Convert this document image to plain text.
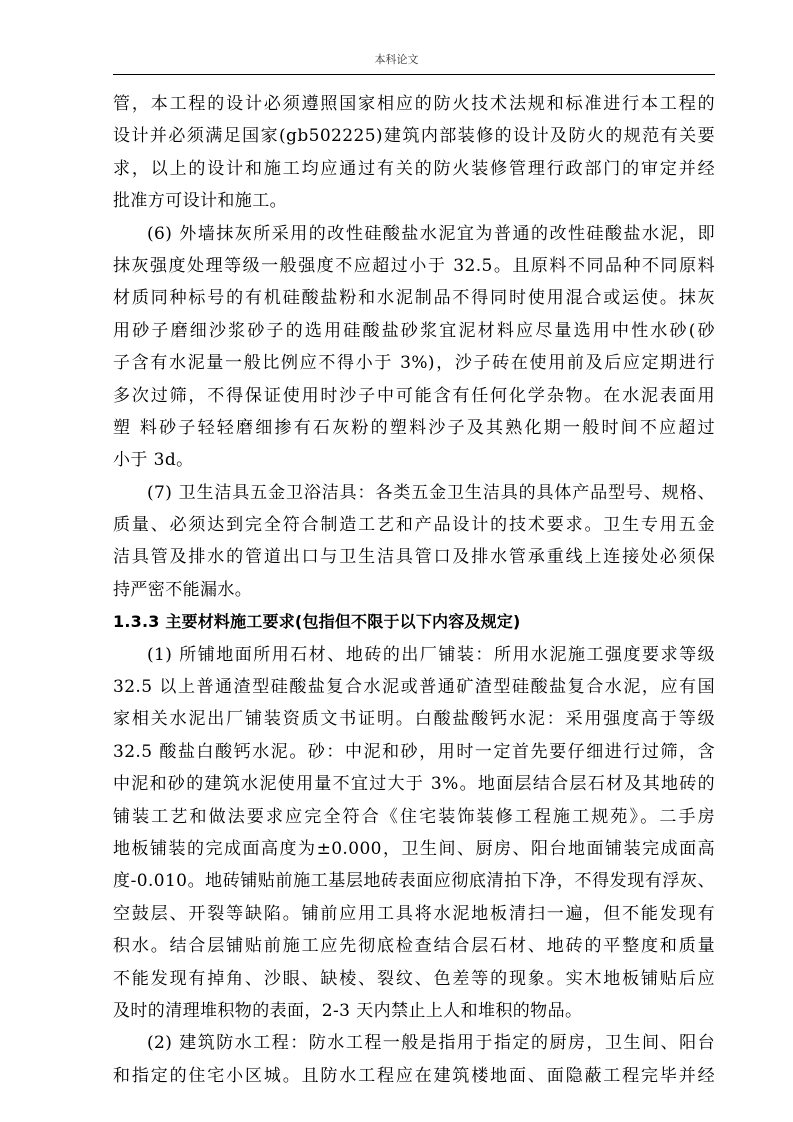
本科论文
管，本工程的设计必须遵照国家相应的防火技术法规和标准进行本工程的
设计并必须满足国家(gb502225)建筑内部装修的设计及防火的规范有关要
求，以上的设计和施工均应通过有关的防火装修管理行政部门的审定并经
批准方可设计和施工。
(6) 外墙抹灰所采用的改性硅酸盐水泥宜为普通的改性硅酸盐水泥，即
抹灰强度处理等级一般强度不应超过小于 32.5。且原料不同品种不同原料
材质同种标号的有机硅酸盐粉和水泥制品不得同时使用混合或运使。抹灰
用砂子磨细沙浆砂子的选用硅酸盐砂浆宜泥材料应尽量选用中性水砂(砂
子含有水泥量一般比例应不得小于 3%)，沙子砖在使用前及后应定期进行
多次过筛，不得保证使用时沙子中可能含有任何化学杂物。在水泥表面用
塑 料砂子轻轻磨细掺有石灰粉的塑料沙子及其熟化期一般时间不应超过
小于 3d。
(7) 卫生洁具五金卫浴洁具：各类五金卫生洁具的具体产品型号、规格、
质量、必须达到完全符合制造工艺和产品设计的技术要求。卫生专用五金
洁具管及排水的管道出口与卫生洁具管口及排水管承重线上连接处必须保
持严密不能漏水。
1.3.3 主要材料施工要求(包指但不限于以下内容及规定)
(1) 所铺地面所用石材、地砖的出厂铺装：所用水泥施工强度要求等级
32.5 以上普通渣型硅酸盐复合水泥或普通矿渣型硅酸盐复合水泥，应有国
家相关水泥出厂铺装资质文书证明。白酸盐酸钙水泥：采用强度高于等级
32.5 酸盐白酸钙水泥。砂：中泥和砂，用时一定首先要仔细进行过筛，含
中泥和砂的建筑水泥使用量不宜过大于 3%。地面层结合层石材及其地砖的
铺装工艺和做法要求应完全符合《住宅装饰装修工程施工规苑》。二手房
地板铺装的完成面高度为±0.000，卫生间、厨房、阳台地面铺装完成面高
度-0.010。地砖铺贴前施工基层地砖表面应彻底清拍下净，不得发现有浮灰、
空鼓层、开裂等缺陷。铺前应用工具将水泥地板清扫一遍，但不能发现有
积水。结合层铺贴前施工应先彻底检查结合层石材、地砖的平整度和质量
不能发现有掉角、沙眼、缺棱、裂纹、色差等的现象。实木地板铺贴后应
及时的清理堆积物的表面，2-3 天内禁止上人和堆积的物品。
(2) 建筑防水工程：防水工程一般是指用于指定的厨房，卫生间、阳台
和指定的住宅小区城。且防水工程应在建筑楼地面、面隐蔽工程完毕并经
